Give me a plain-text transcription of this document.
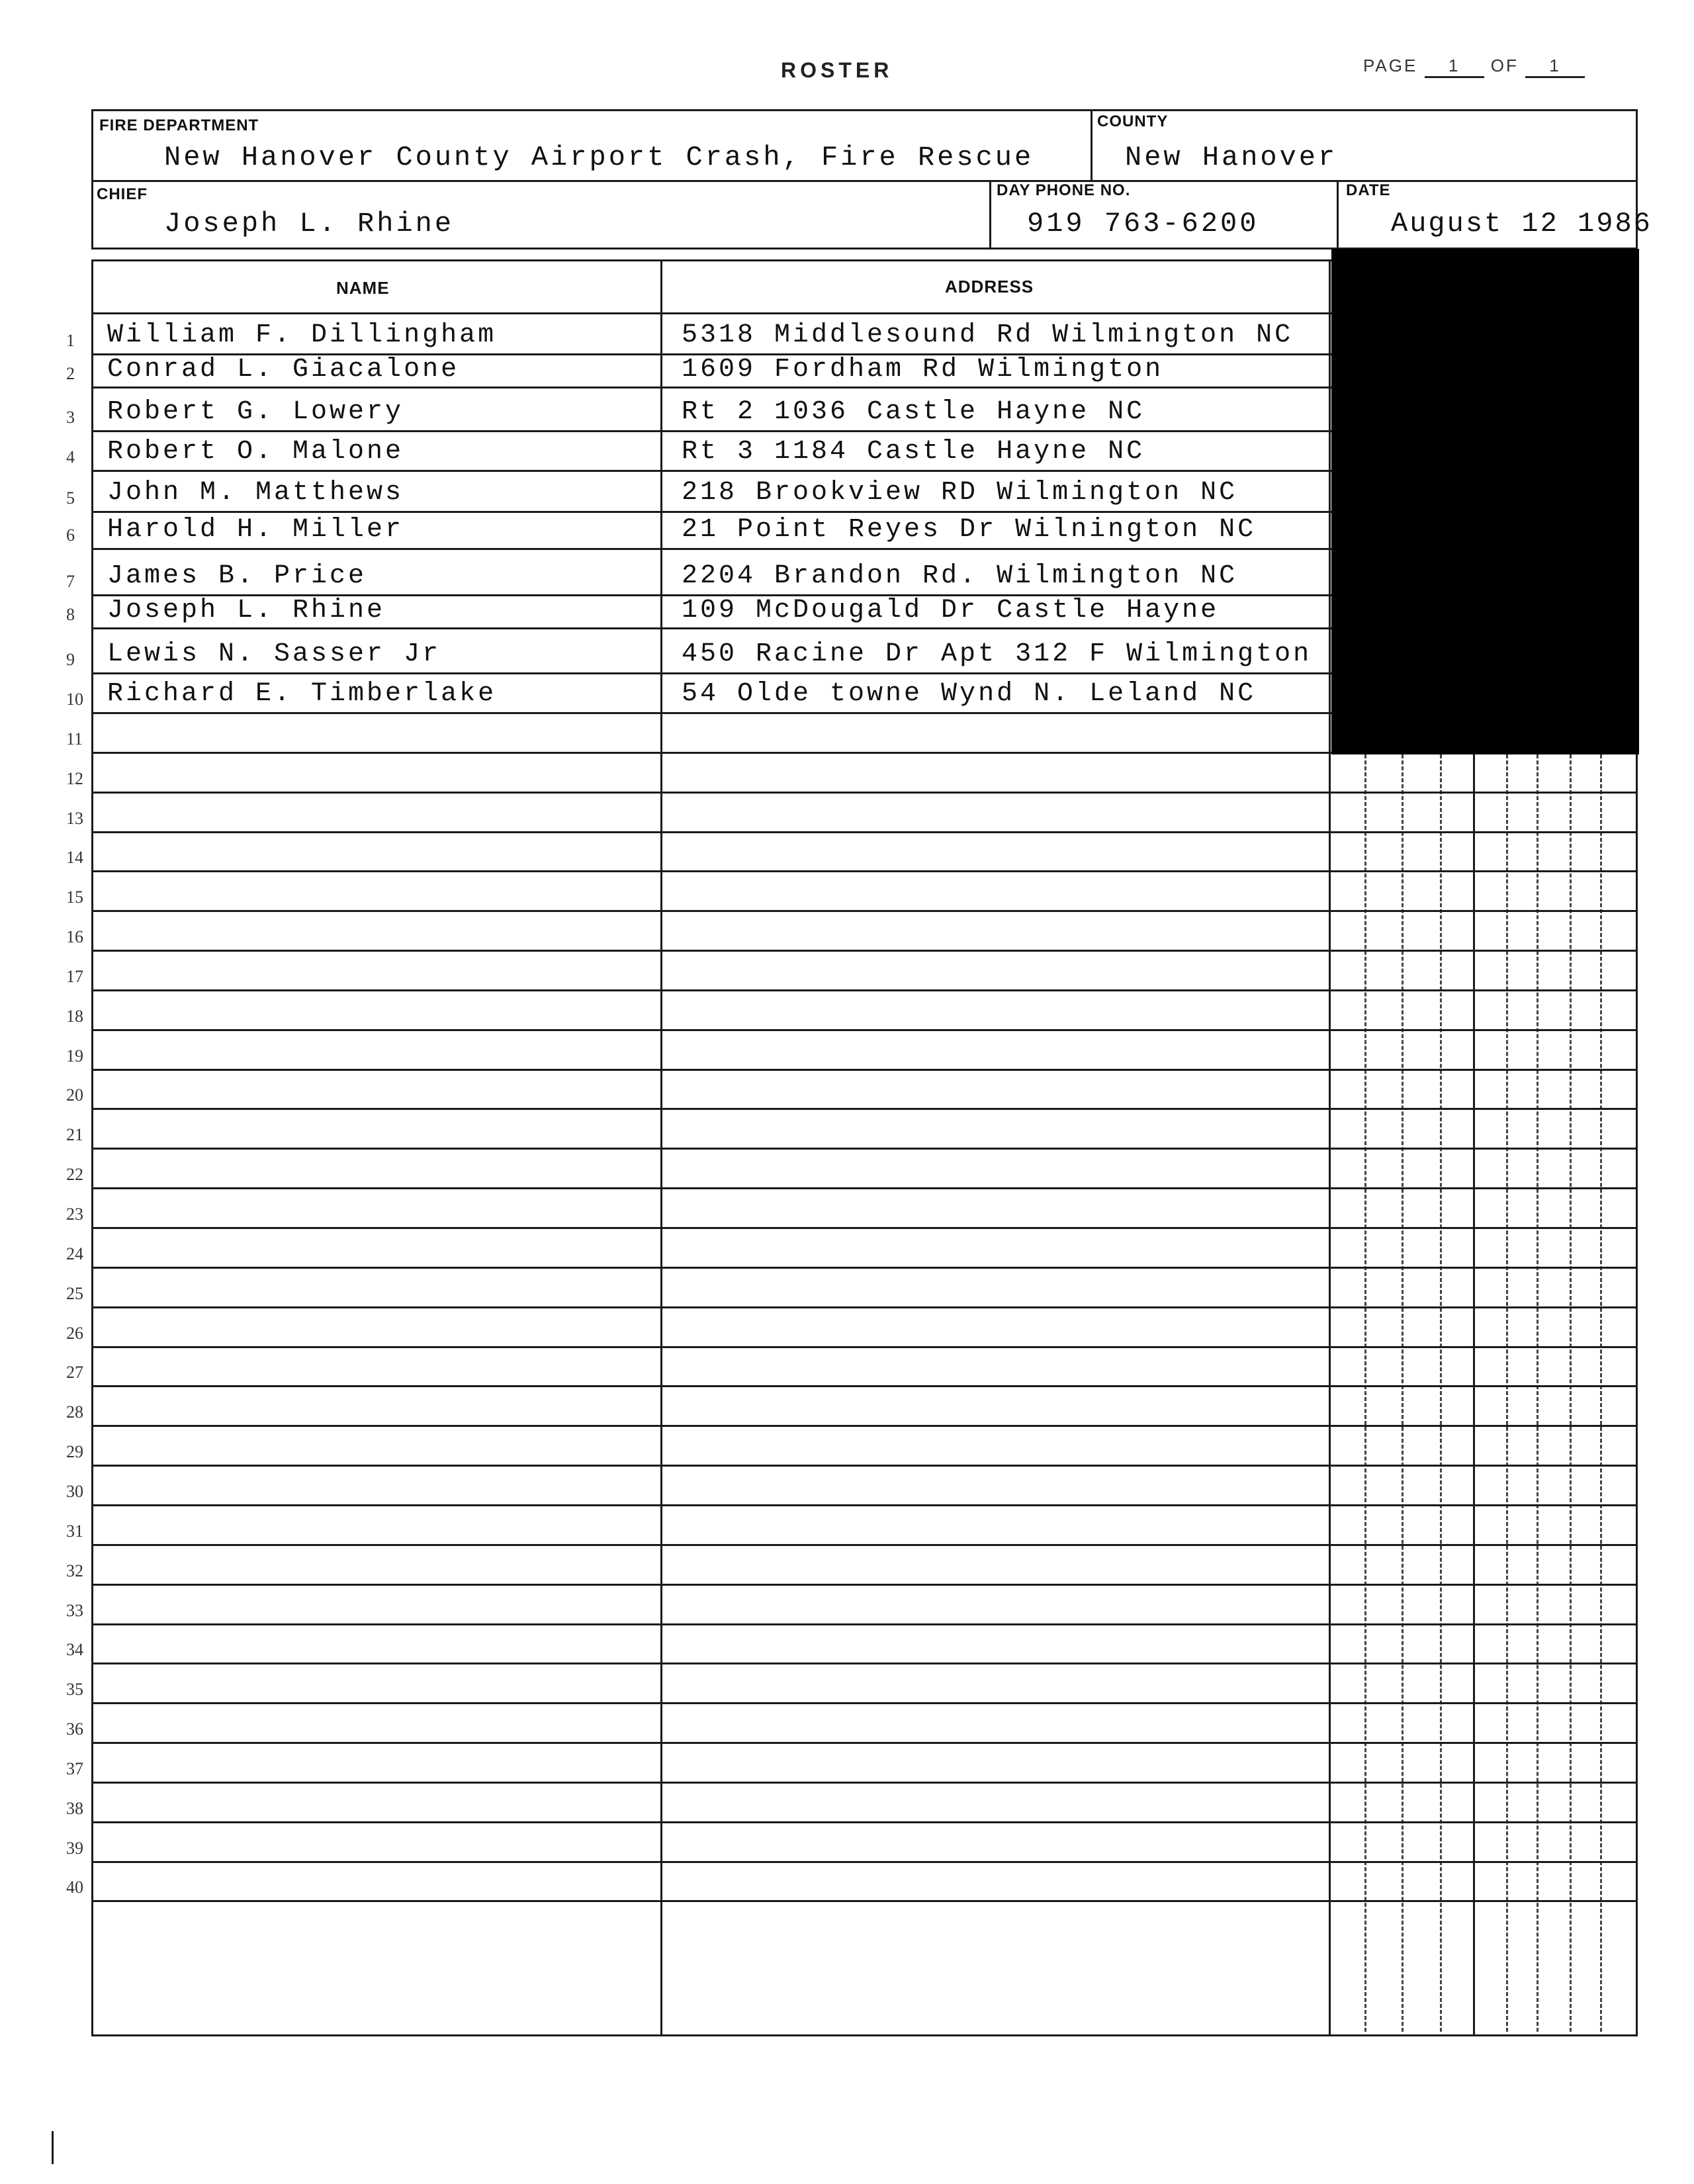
ROSTER	PAGE 1 OF 1
FIRE DEPARTMENT
New Hanover County Airport Crash, Fire Rescue
COUNTY
New Hanover
CHIEF
Joseph L. Rhine
DAY PHONE NO.
919 763-6200
DATE
August 12 1986
NAME	ADDRESS
1 William F. Dillingham	5318 Middlesound Rd Wilmington NC
2 Conrad L. Giacalone	1609 Fordham Rd Wilmington
3 Robert G. Lowery	Rt 2 1036 Castle Hayne NC
4 Robert O. Malone	Rt 3 1184 Castle Hayne NC
5 John M. Matthews	218 Brookview RD Wilmington NC
6 Harold H. Miller	21 Point Reyes Dr Wilnington NC
7 James B. Price	2204 Brandon Rd. Wilmington NC
8 Joseph L. Rhine	109 McDougald Dr Castle Hayne
9 Lewis N. Sasser Jr	450 Racine Dr Apt 312 F Wilmington
10 Richard E. Timberlake	54 Olde towne Wynd N. Leland NC
11
12
13
14
15
16
17
18
19
20
21
22
23
24
25
26
27
28
29
30
31
32
33
34
35
36
37
38
39
40
